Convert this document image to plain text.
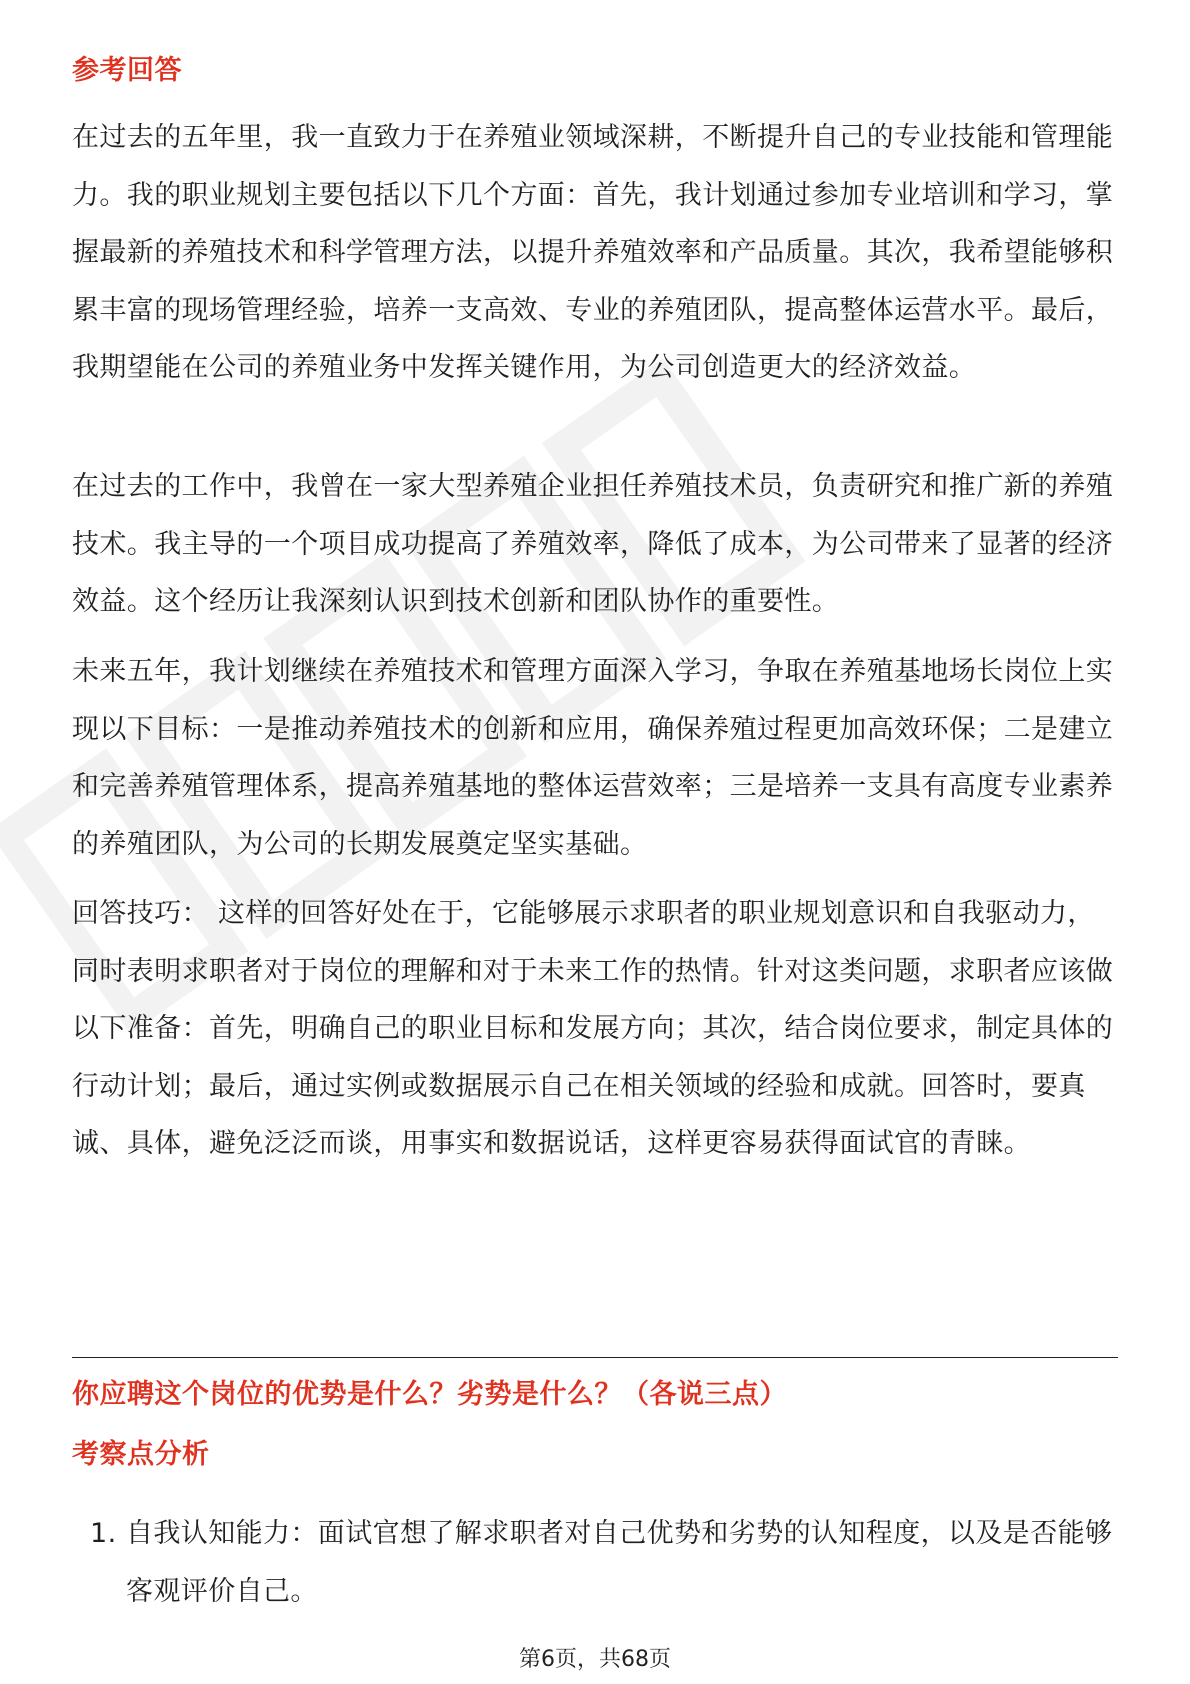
参考回答
在过去的五年里，我一直致力于在养殖业领域深耕，不断提升自己的专业技能和管理能力。我的职业规划主要包括以下几个方面：首先，我计划通过参加专业培训和学习，掌握最新的养殖技术和科学管理方法，以提升养殖效率和产品质量。其次，我希望能够积累丰富的现场管理经验，培养一支高效、专业的养殖团队，提高整体运营水平。最后，我期望能在公司的养殖业务中发挥关键作用，为公司创造更大的经济效益。
在过去的工作中，我曾在一家大型养殖企业担任养殖技术员，负责研究和推广新的养殖技术。我主导的一个项目成功提高了养殖效率，降低了成本，为公司带来了显著的经济效益。这个经历让我深刻认识到技术创新和团队协作的重要性。
未来五年，我计划继续在养殖技术和管理方面深入学习，争取在养殖基地场长岗位上实现以下目标：一是推动养殖技术的创新和应用，确保养殖过程更加高效环保；二是建立和完善养殖管理体系，提高养殖基地的整体运营效率；三是培养一支具有高度专业素养的养殖团队，为公司的长期发展奠定坚实基础。
回答技巧： 这样的回答好处在于，它能够展示求职者的职业规划意识和自我驱动力，同时表明求职者对于岗位的理解和对于未来工作的热情。针对这类问题，求职者应该做以下准备：首先，明确自己的职业目标和发展方向；其次，结合岗位要求，制定具体的行动计划；最后，通过实例或数据展示自己在相关领域的经验和成就。回答时，要真诚、具体，避免泛泛而谈，用事实和数据说话，这样更容易获得面试官的青睐。
你应聘这个岗位的优势是什么？劣势是什么？（各说三点）
考察点分析
1. 自我认知能力：面试官想了解求职者对自己优势和劣势的认知程度，以及是否能够客观评价自己。
第6页，共68页
